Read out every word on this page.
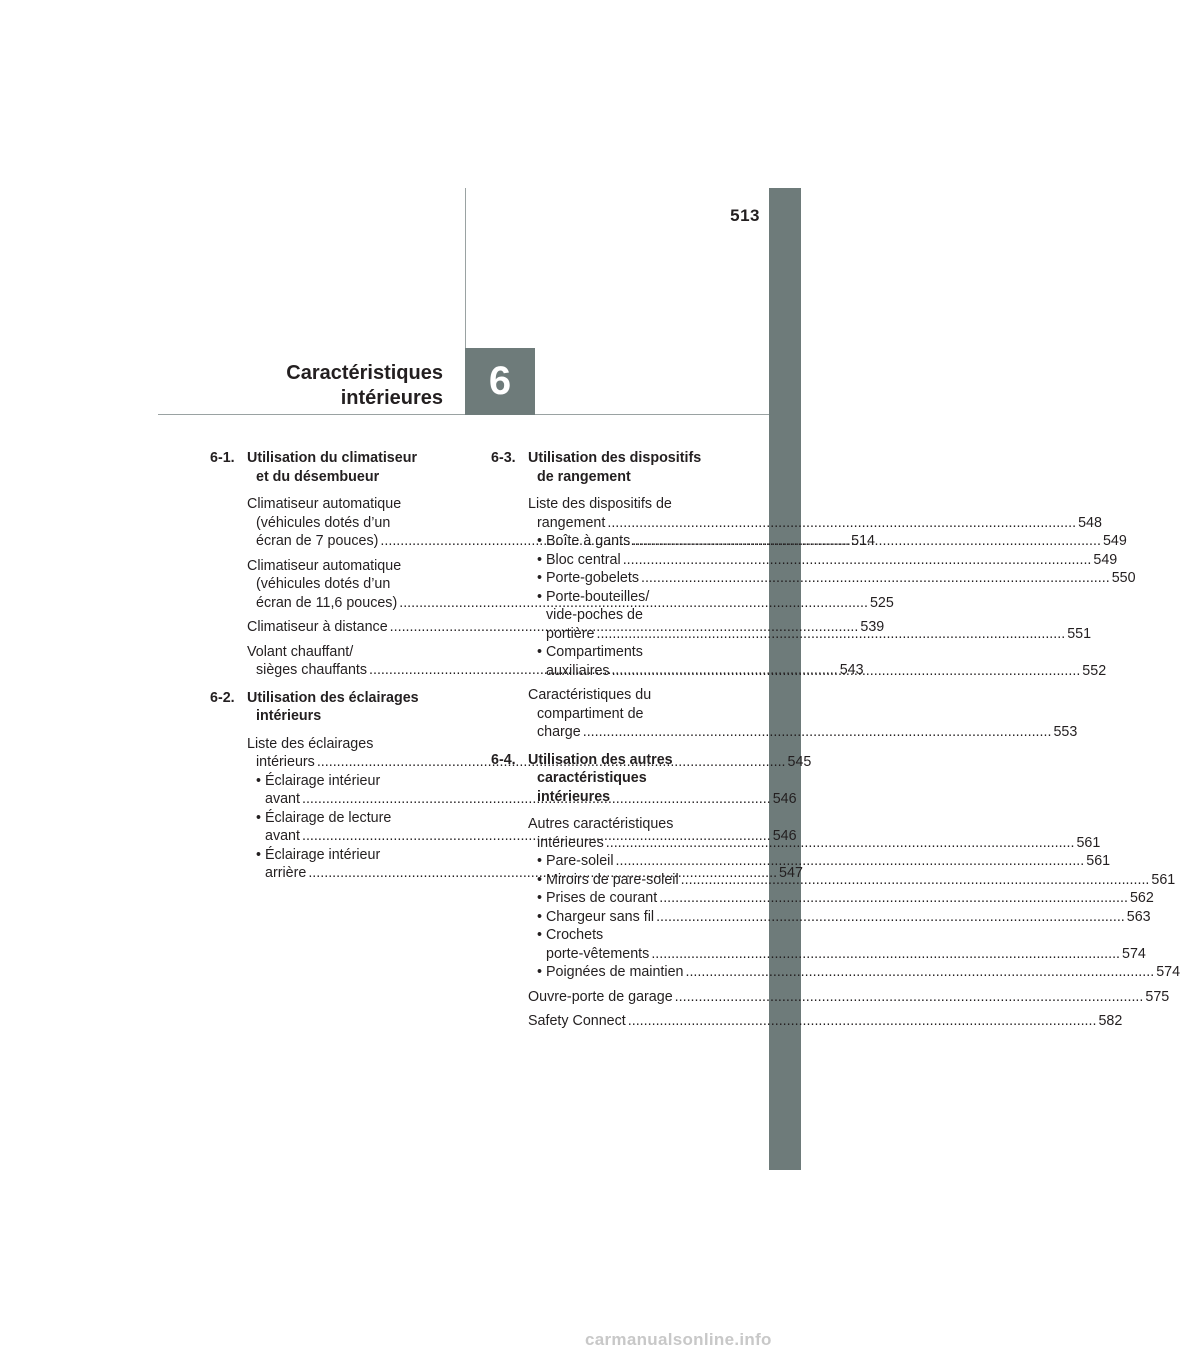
513
Caractéristiques
intérieures	6
6-1. Utilisation du climatiseur
et du désembueur
Climatiseur automatique
(véhicules dotés d’un
écran de 7 pouces) .....	514
Climatiseur automatique
(véhicules dotés d’un
écran de 11,6 pouces) .....	525
Climatiseur à distance .....	539
Volant chauffant/
sièges chauffants .....	543
6-2. Utilisation des éclairages
intérieurs
Liste des éclairages
intérieurs .....	545
• Éclairage intérieur
avant .....	546
• Éclairage de lecture
avant .....	546
• Éclairage intérieur
arrière .....	547
6-3. Utilisation des dispositifs
de rangement
Liste des dispositifs de
rangement .....	548
• Boîte à gants .....	549
• Bloc central .....	549
• Porte-gobelets .....	550
• Porte-bouteilles/
vide-poches de
portière .....	551
• Compartiments
auxiliaires .....	552
Caractéristiques du
compartiment de
charge .....	553
6-4. Utilisation des autres
caractéristiques
intérieures
Autres caractéristiques
intérieures .....	561
• Pare-soleil .....	561
• Miroirs de pare-soleil .....	561
• Prises de courant .....	562
• Chargeur sans fil .....	563
• Crochets
porte-vêtements .....	574
• Poignées de maintien .....	574
Ouvre-porte de garage .....	575
Safety Connect .....	582
carmanualsonline.info
